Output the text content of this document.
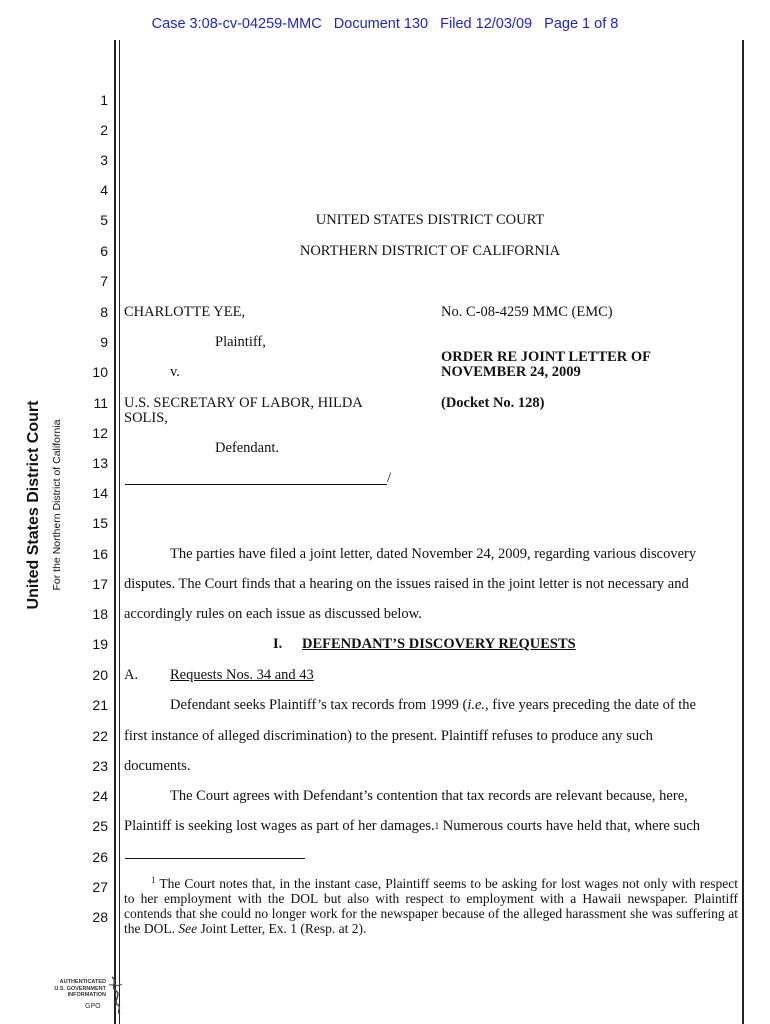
Case 3:08-cv-04259-MMC   Document 130   Filed 12/03/09   Page 1 of 8
United States District Court For the Northern District of California
1
2
3
4
5
6
7
8
9
10
11
12
13
14
15
16
17
18
19
20
21
22
23
24
25
26
27
28
UNITED STATES DISTRICT COURT
NORTHERN DISTRICT OF CALIFORNIA
CHARLOTTE YEE,
Plaintiff,
v.
U.S. SECRETARY OF LABOR, HILDA
SOLIS,
Defendant.
/
No. C-08-4259 MMC (EMC)
ORDER RE JOINT LETTER OF
NOVEMBER 24, 2009
(Docket No. 128)
The parties have filed a joint letter, dated November 24, 2009, regarding various discovery
disputes. The Court finds that a hearing on the issues raised in the joint letter is not necessary and
accordingly rules on each issue as discussed below.
I. DEFENDANT’S DISCOVERY REQUESTS
A. Requests Nos. 34 and 43
Defendant seeks Plaintiff’s tax records from 1999 (i.e., five years preceding the date of the
first instance of alleged discrimination) to the present. Plaintiff refuses to produce any such
documents.
The Court agrees with Defendant’s contention that tax records are relevant because, here,
Plaintiff is seeking lost wages as part of her damages.$^1$ Numerous courts have held that, where such
  $^1$ The Court notes that, in the instant case, Plaintiff seems to be asking for lost wages not only with respect to her employment with the DOL but also with respect to employment with a Hawaii newspaper. Plaintiff contends that she could no longer work for the newspaper because of the alleged harassment she was suffering at the DOL. See Joint Letter, Ex. 1 (Resp. at 2).
AUTHENTICATED
U.S. GOVERNMENT
INFORMATION
GPO
